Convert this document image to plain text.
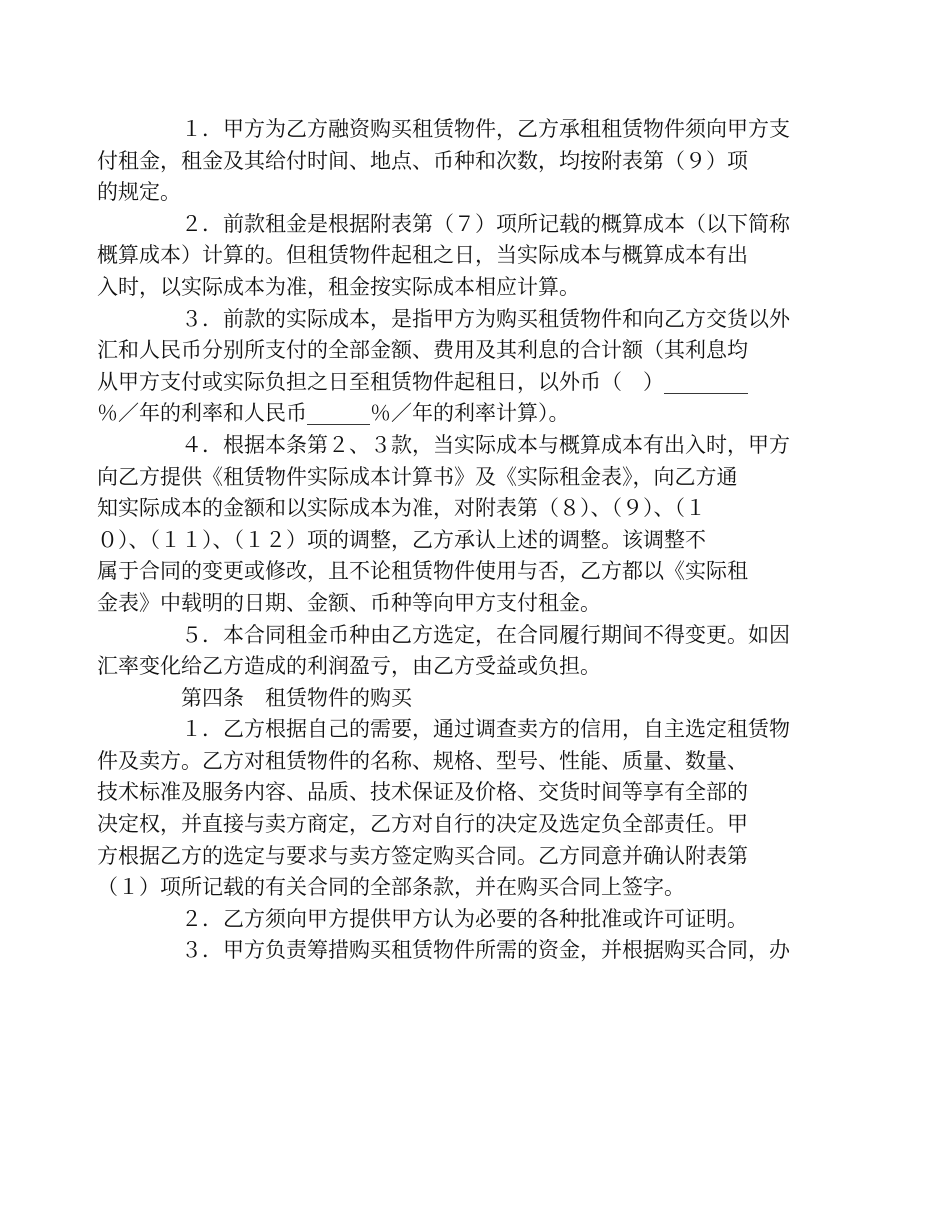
１．甲方为乙方融资购买租赁物件，乙方承租租赁物件须向甲方支
付租金，租金及其给付时间、地点、币种和次数，均按附表第（９）项
的规定。

２．前款租金是根据附表第（７）项所记载的概算成本（以下简称
概算成本）计算的。但租赁物件起租之日，当实际成本与概算成本有出
入时，以实际成本为准，租金按实际成本相应计算。

３．前款的实际成本，是指甲方为购买租赁物件和向乙方交货以外
汇和人民币分别所支付的全部金额、费用及其利息的合计额（其利息均
从甲方支付或实际负担之日至租赁物件起租日，以外币（　）________
％／年的利率和人民币______％／年的利率计算）。

４．根据本条第２、３款，当实际成本与概算成本有出入时，甲方
向乙方提供《租赁物件实际成本计算书》及《实际租金表》，向乙方通
知实际成本的金额和以实际成本为准，对附表第（８）、（９）、（１
０）、（１１）、（１２）项的调整，乙方承认上述的调整。该调整不
属于合同的变更或修改，且不论租赁物件使用与否，乙方都以《实际租
金表》中载明的日期、金额、币种等向甲方支付租金。

５．本合同租金币种由乙方选定，在合同履行期间不得变更。如因
汇率变化给乙方造成的利润盈亏，由乙方受益或负担。

第四条　租赁物件的购买

１．乙方根据自己的需要，通过调查卖方的信用，自主选定租赁物
件及卖方。乙方对租赁物件的名称、规格、型号、性能、质量、数量、
技术标准及服务内容、品质、技术保证及价格、交货时间等享有全部的
决定权，并直接与卖方商定，乙方对自行的决定及选定负全部责任。甲
方根据乙方的选定与要求与卖方签定购买合同。乙方同意并确认附表第
（１）项所记载的有关合同的全部条款，并在购买合同上签字。

２．乙方须向甲方提供甲方认为必要的各种批准或许可证明。

３．甲方负责筹措购买租赁物件所需的资金，并根据购买合同，办
